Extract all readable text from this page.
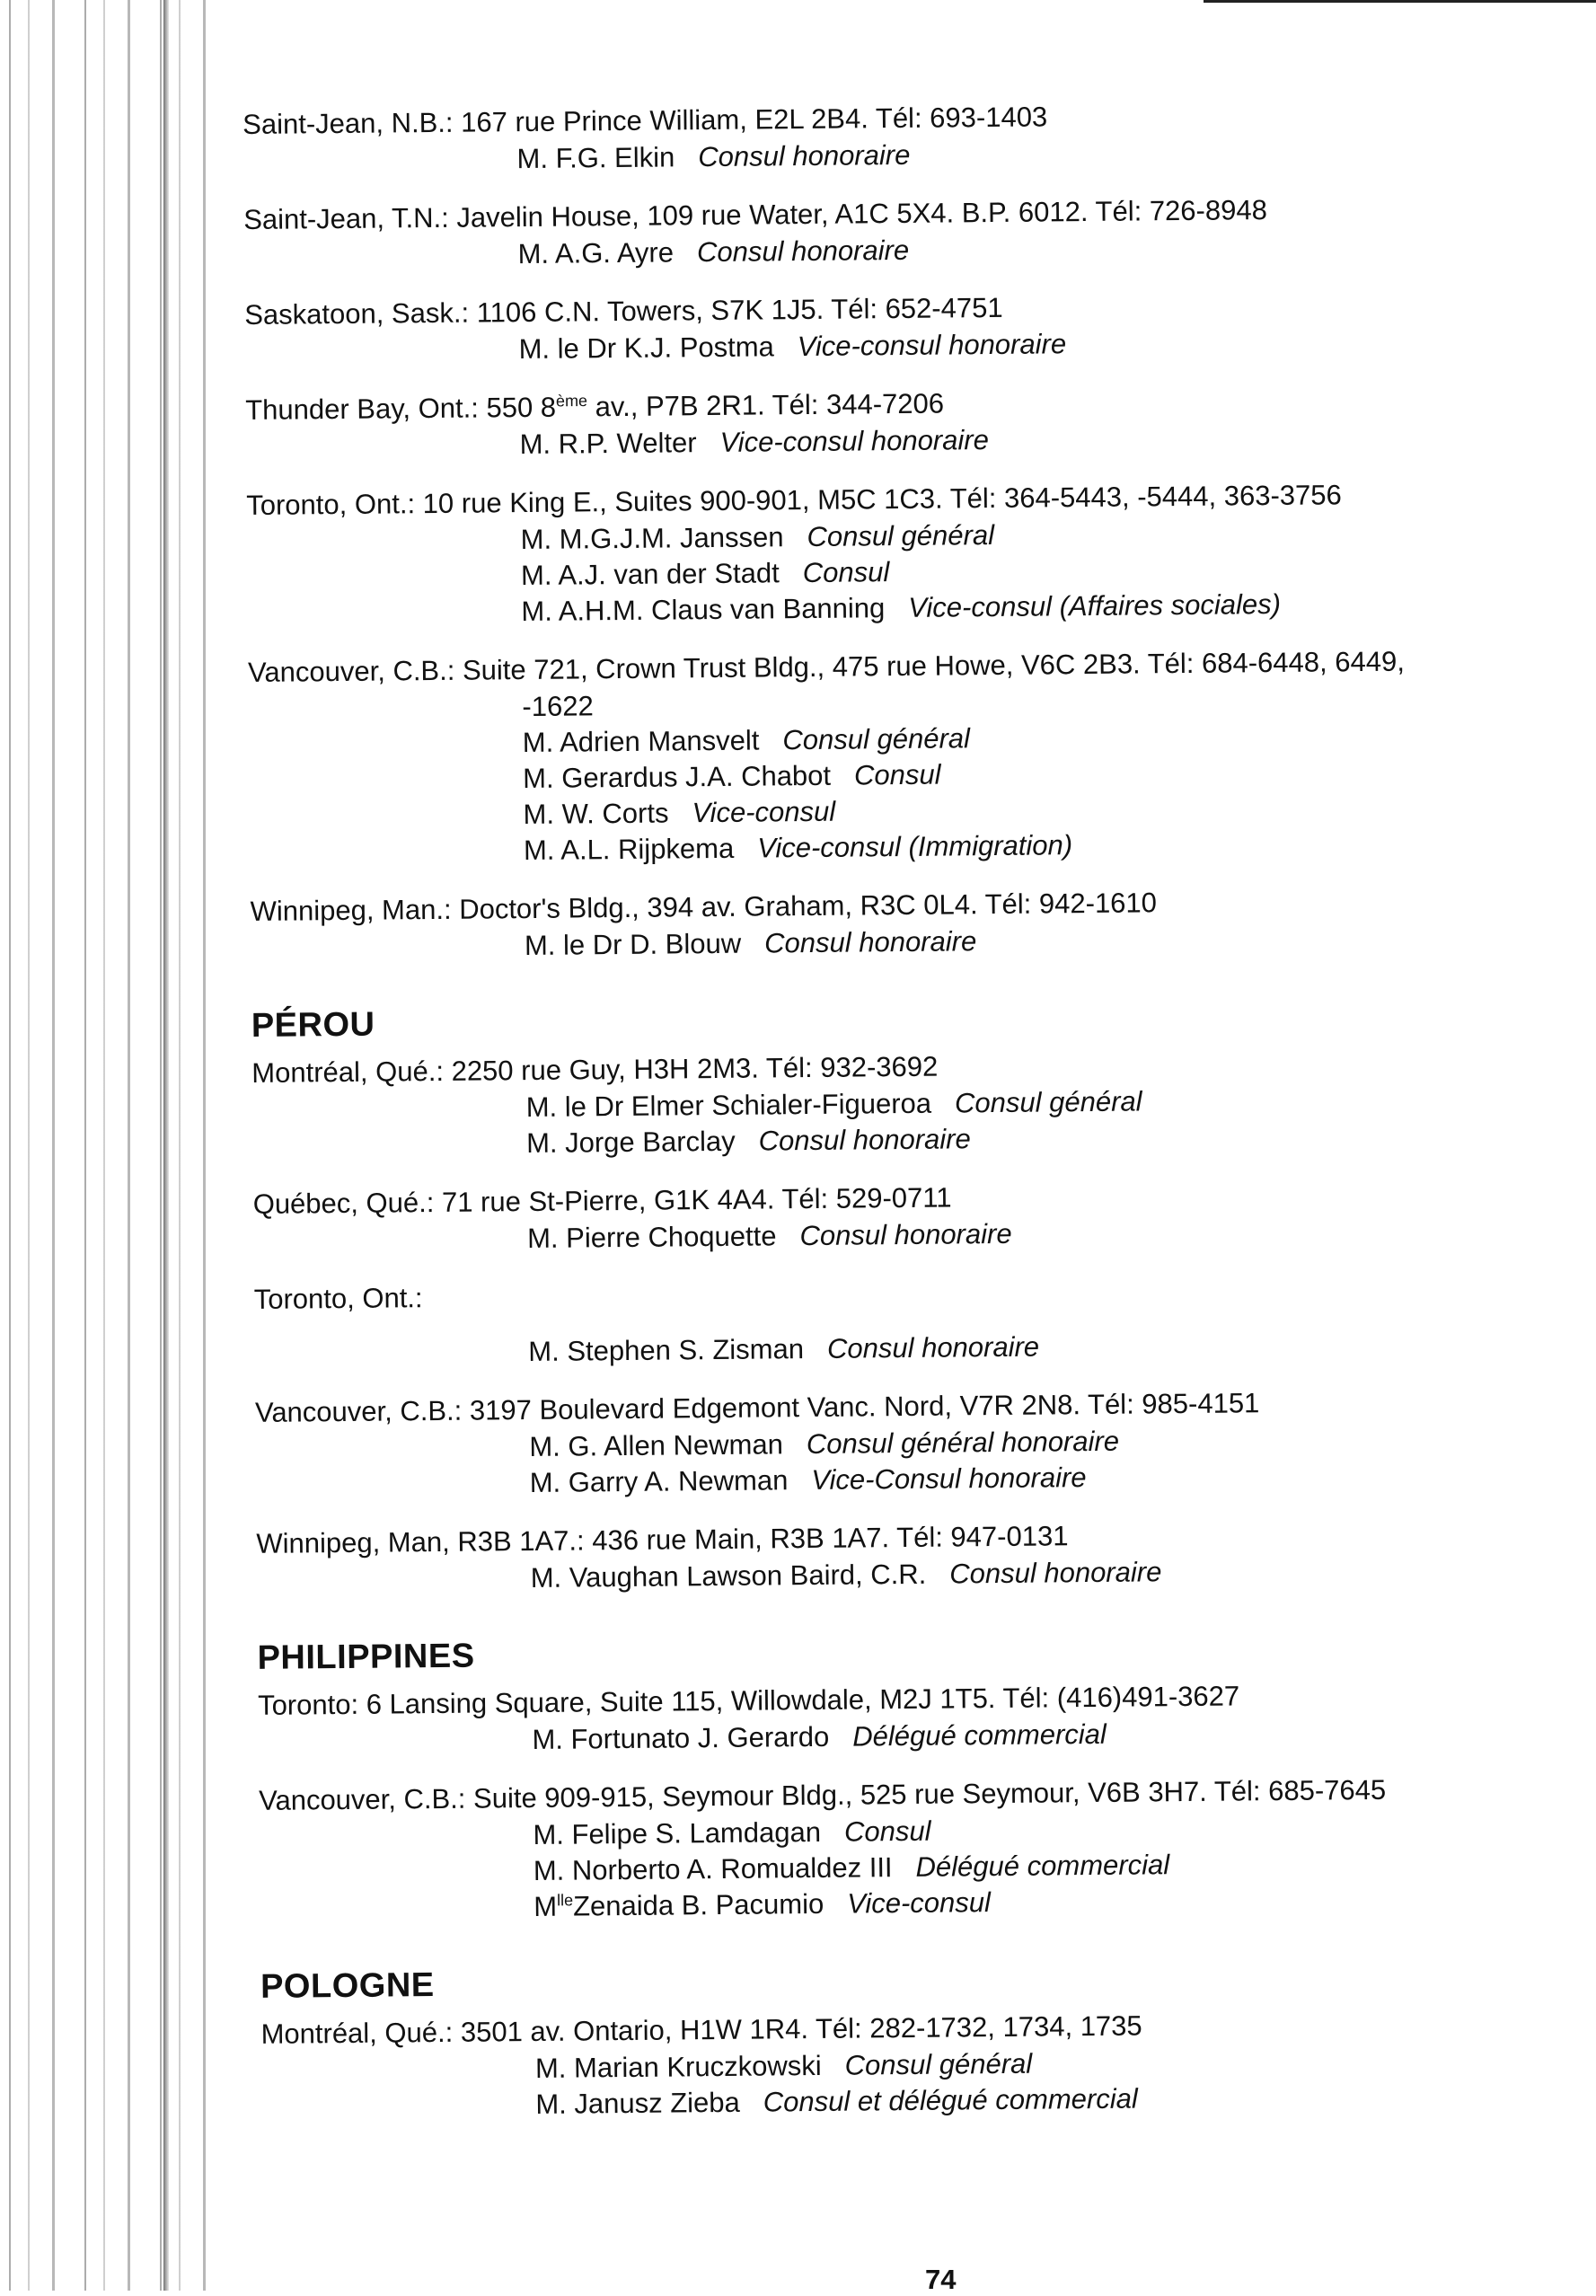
Saint-Jean, N.B.: 167 rue Prince William, E2L 2B4. Tél: 693-1403

M. F.G. Elkin Consul honoraire

Saint-Jean, T.N.: Javelin House, 109 rue Water, A1C 5X4. B.P. 6012. Tél: 726-8948

M. A.G. Ayre Consul honoraire

Saskatoon, Sask.: 1106 C.N. Towers, S7K 1J5. Tél: 652-4751

M. le Dr K.J. Postma Vice-consul honoraire

Thunder Bay, Ont.: 550 8ème av., P7B 2R1. Tél: 344-7206

M. R.P. Welter Vice-consul honoraire

Toronto, Ont.: 10 rue King E., Suites 900-901, M5C 1C3. Tél: 364-5443, -5444, 363-3756

M. M.G.J.M. Janssen Consul général

M. A.J. van der Stadt Consul

M. A.H.M. Claus van Banning Vice-consul (Affaires sociales)

Vancouver, C.B.: Suite 721, Crown Trust Bldg., 475 rue Howe, V6C 2B3. Tél: 684-6448, 6449,

-1622

M. Adrien Mansvelt Consul général

M. Gerardus J.A. Chabot Consul

M. W. Corts Vice-consul

M. A.L. Rijpkema Vice-consul (Immigration)

Winnipeg, Man.: Doctor's Bldg., 394 av. Graham, R3C 0L4. Tél: 942-1610

M. le Dr D. Blouw Consul honoraire

PÉROU

Montréal, Qué.: 2250 rue Guy, H3H 2M3. Tél: 932-3692

M. le Dr Elmer Schialer-Figueroa Consul général

M. Jorge Barclay Consul honoraire

Québec, Qué.: 71 rue St-Pierre, G1K 4A4. Tél: 529-0711

M. Pierre Choquette Consul honoraire

Toronto, Ont.:

M. Stephen S. Zisman Consul honoraire

Vancouver, C.B.: 3197 Boulevard Edgemont Vanc. Nord, V7R 2N8. Tél: 985-4151

M. G. Allen Newman Consul général honoraire

M. Garry A. Newman Vice-Consul honoraire

Winnipeg, Man, R3B 1A7.: 436 rue Main, R3B 1A7. Tél: 947-0131

M. Vaughan Lawson Baird, C.R. Consul honoraire

PHILIPPINES

Toronto: 6 Lansing Square, Suite 115, Willowdale, M2J 1T5. Tél: (416)491-3627

M. Fortunato J. Gerardo Délégué commercial

Vancouver, C.B.: Suite 909-915, Seymour Bldg., 525 rue Seymour, V6B 3H7. Tél: 685-7645

M. Felipe S. Lamdagan Consul

M. Norberto A. Romualdez III Délégué commercial

$M^{lle}Zenaida$ B. Pacumio Vice-consul

POLOGNE

Montréal, Qué.: 3501 av. Ontario, H1W 1R4. Tél: 282-1732, 1734, 1735

M. Marian Kruczkowski Consul général

M. Janusz Zieba Consul et délégué commercial

74
